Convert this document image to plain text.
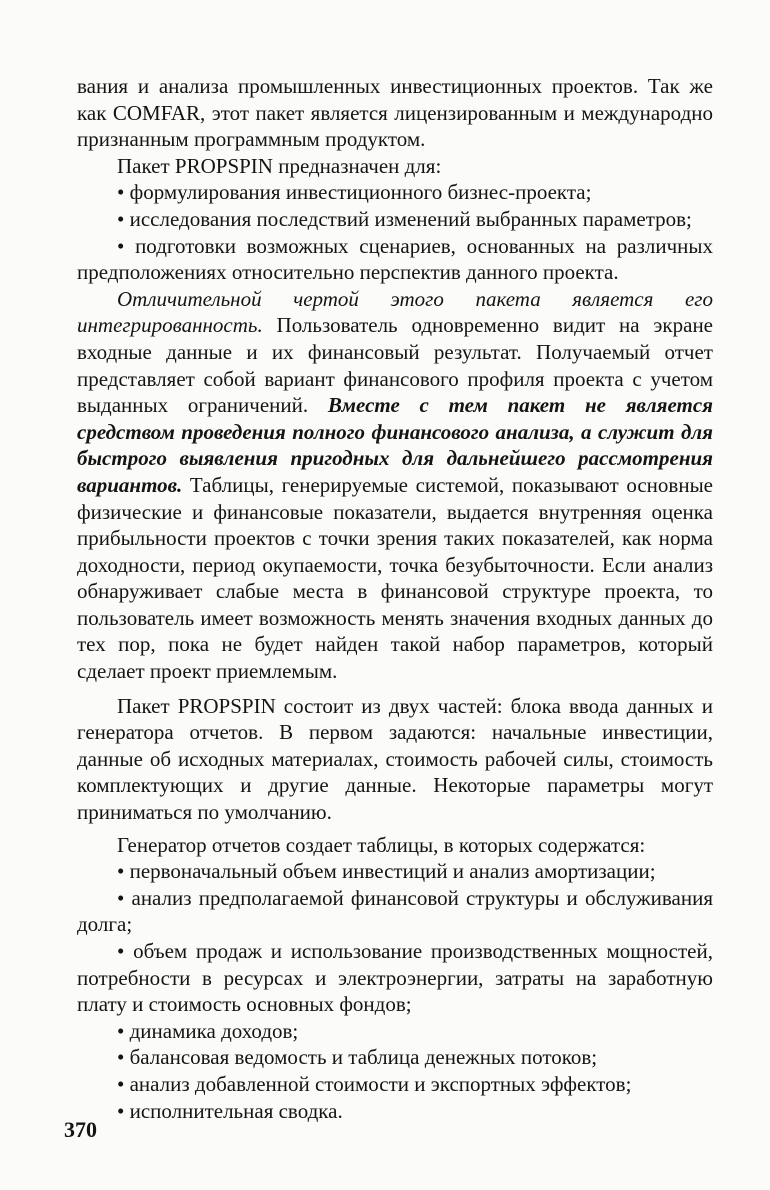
вания и анализа промышленных инвестиционных проектов. Так же как COMFAR, этот пакет является лицензированным и международно признанным программным продуктом.

Пакет PROPSPIN предназначен для:

• формулирования инвестиционного бизнес-проекта;

• исследования последствий изменений выбранных параметров;

• подготовки возможных сценариев, основанных на различных предположениях относительно перспектив данного проекта.

Отличительной чертой этого пакета является его интегрированность. Пользователь одновременно видит на экране входные данные и их финансовый результат. Получаемый отчет представляет собой вариант финансового профиля проекта с учетом выданных ограничений. Вместе с тем пакет не является средством проведения полного финансового анализа, а служит для быстрого выявления пригодных для дальнейшего рассмотрения вариантов. Таблицы, генерируемые системой, показывают основные физические и финансовые показатели, выдается внутренняя оценка прибыльности проектов с точки зрения таких показателей, как норма доходности, период окупаемости, точка безубыточности. Если анализ обнаруживает слабые места в финансовой структуре проекта, то пользователь имеет возможность менять значения входных данных до тех пор, пока не будет найден такой набор параметров, который сделает проект приемлемым.

Пакет PROPSPIN состоит из двух частей: блока ввода данных и генератора отчетов. В первом задаются: начальные инвестиции, данные об исходных материалах, стоимость рабочей силы, стоимость комплектующих и другие данные. Некоторые параметры могут приниматься по умолчанию.

Генератор отчетов создает таблицы, в которых содержатся:

• первоначальный объем инвестиций и анализ амортизации;

• анализ предполагаемой финансовой структуры и обслуживания долга;

• объем продаж и использование производственных мощностей, потребности в ресурсах и электроэнергии, затраты на заработную плату и стоимость основных фондов;

• динамика доходов;

• балансовая ведомость и таблица денежных потоков;

• анализ добавленной стоимости и экспортных эффектов;

• исполнительная сводка.

370
